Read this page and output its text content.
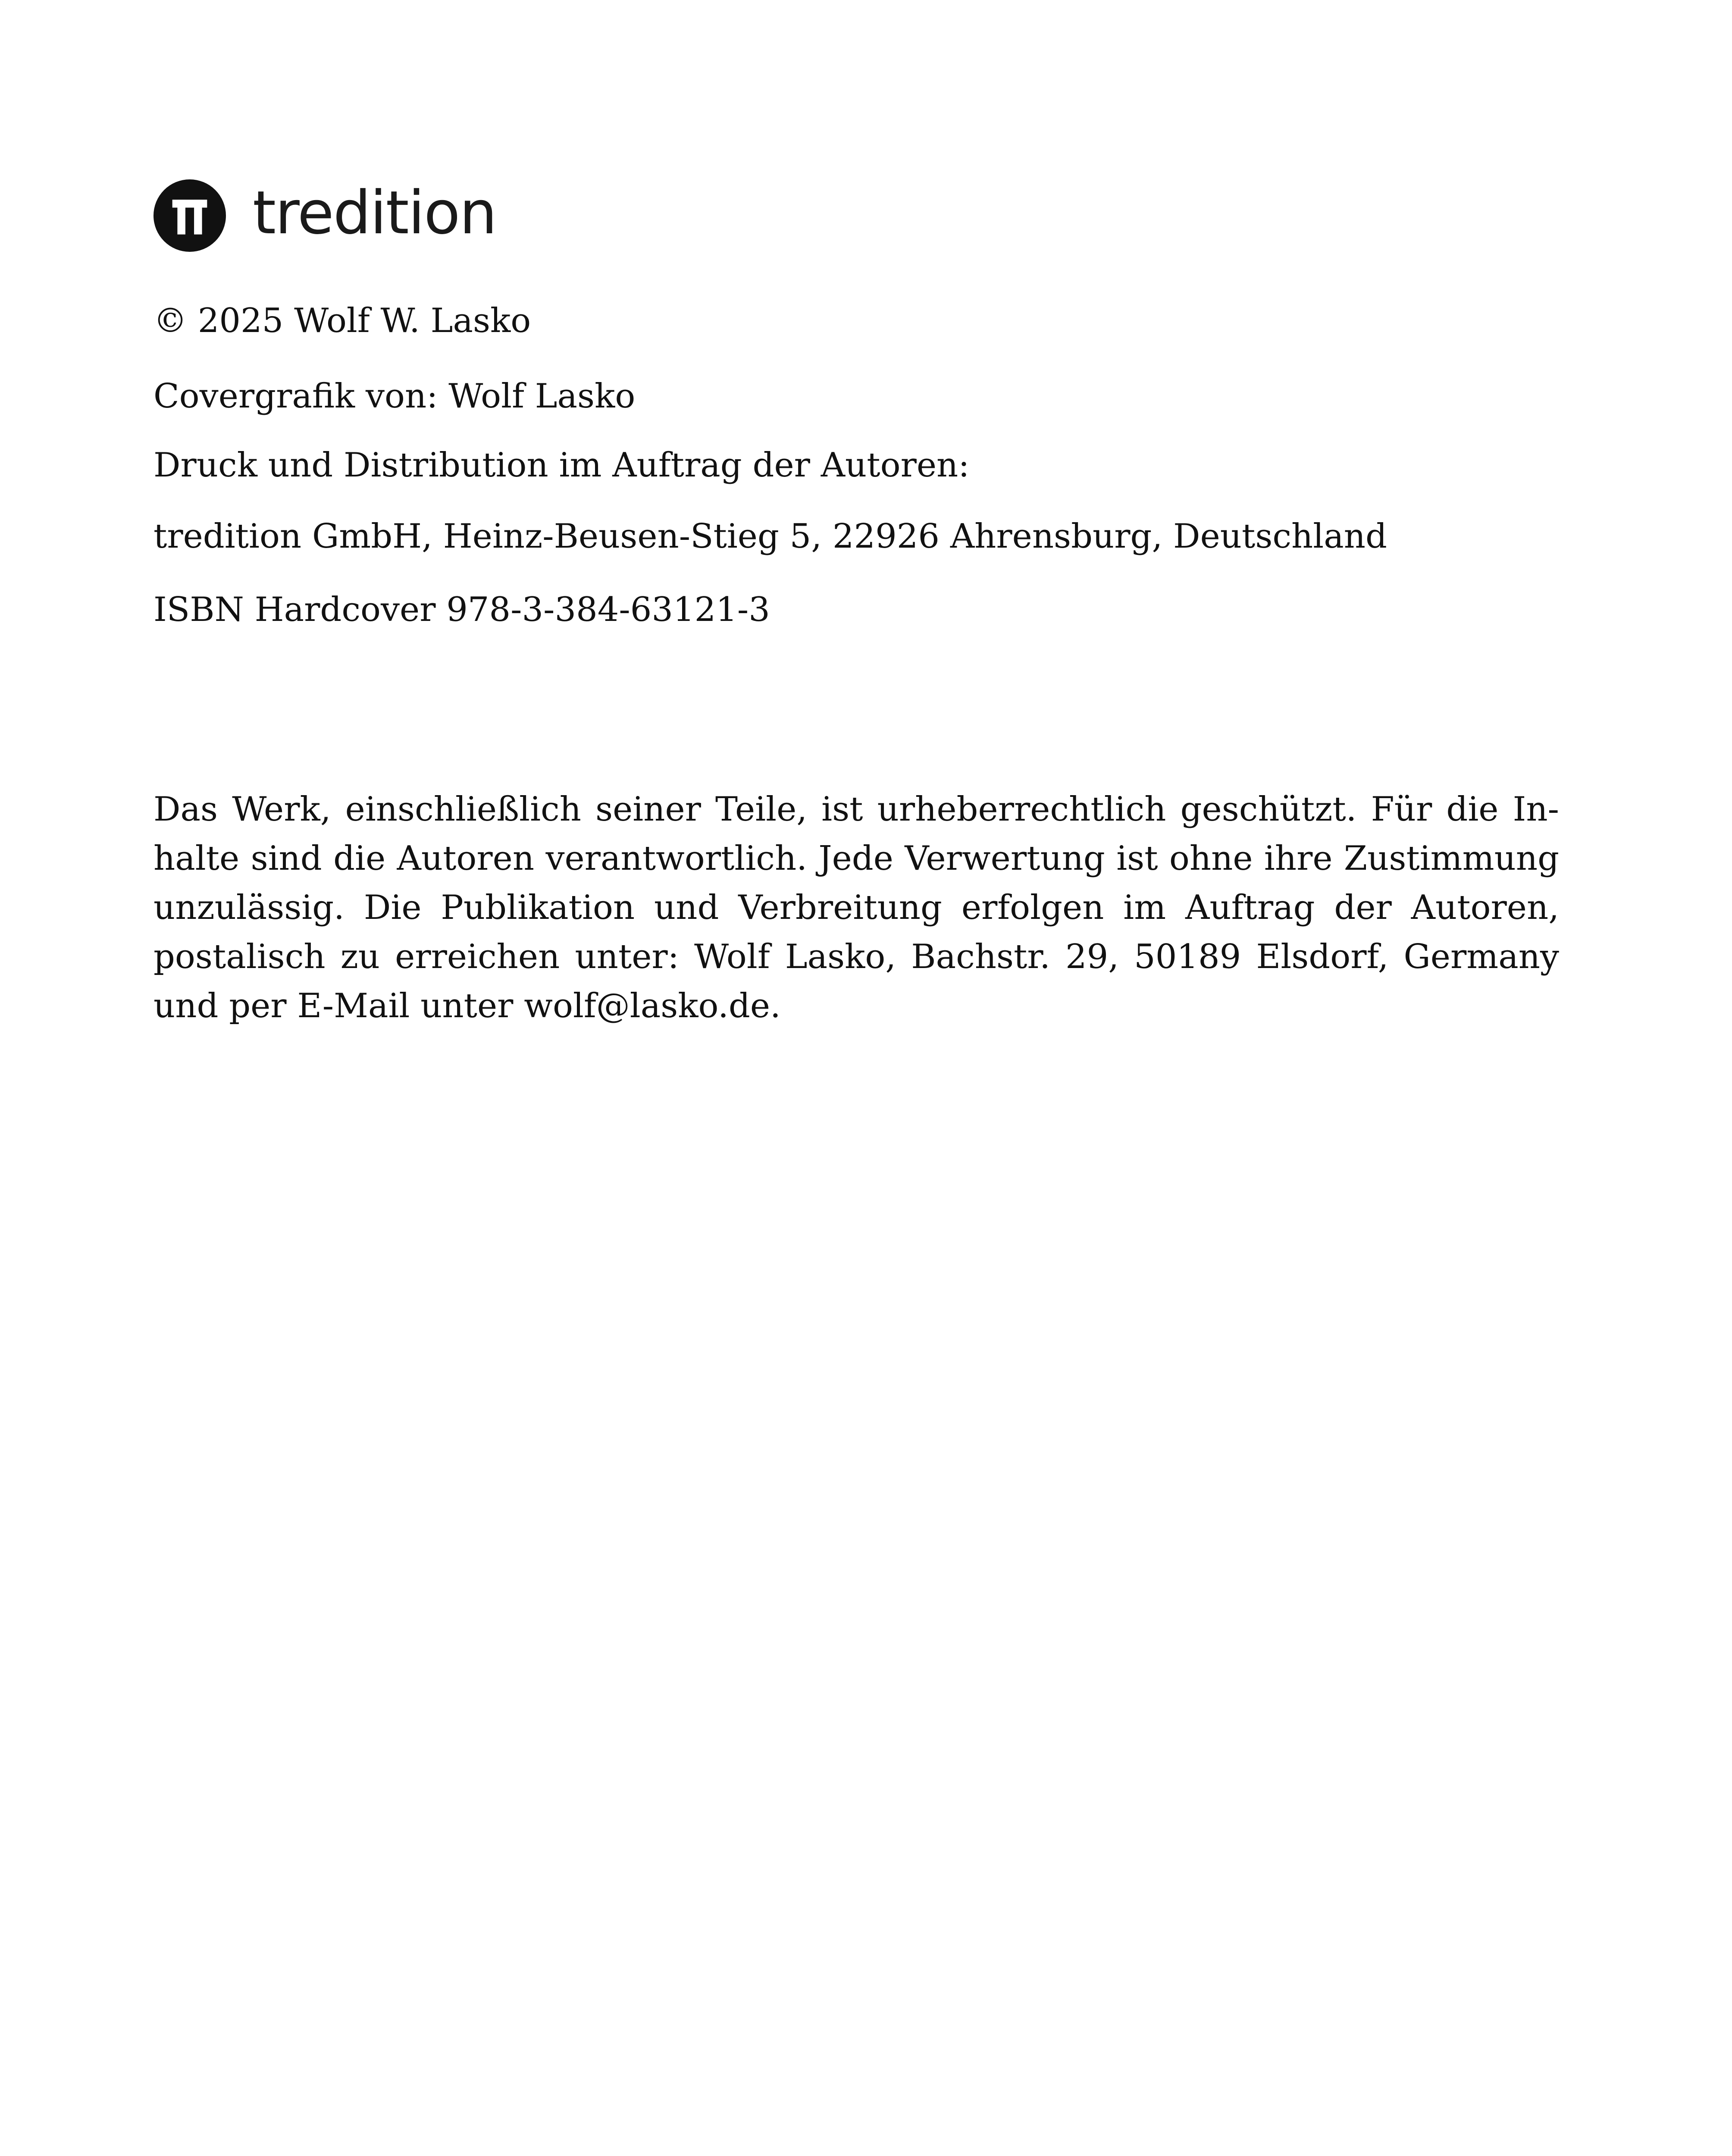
tredition
© 2025 Wolf W. Lasko
Covergrafik von: Wolf Lasko
Druck und Distribution im Auftrag der Autoren:
tredition GmbH, Heinz-Beusen-Stieg 5, 22926 Ahrensburg, Deutschland
ISBN Hardcover 978-3-384-63121-3

Das Werk, einschließlich seiner Teile, ist urheberrechtlich geschützt. Für die Inhalte sind die Autoren verantwortlich. Jede Verwertung ist ohne ihre Zustimmung unzulässig. Die Publikation und Verbreitung erfolgen im Auftrag der Autoren, postalisch zu erreichen unter: Wolf Lasko, Bachstr. 29, 50189 Elsdorf, Germany und per E-Mail unter wolf@lasko.de.
